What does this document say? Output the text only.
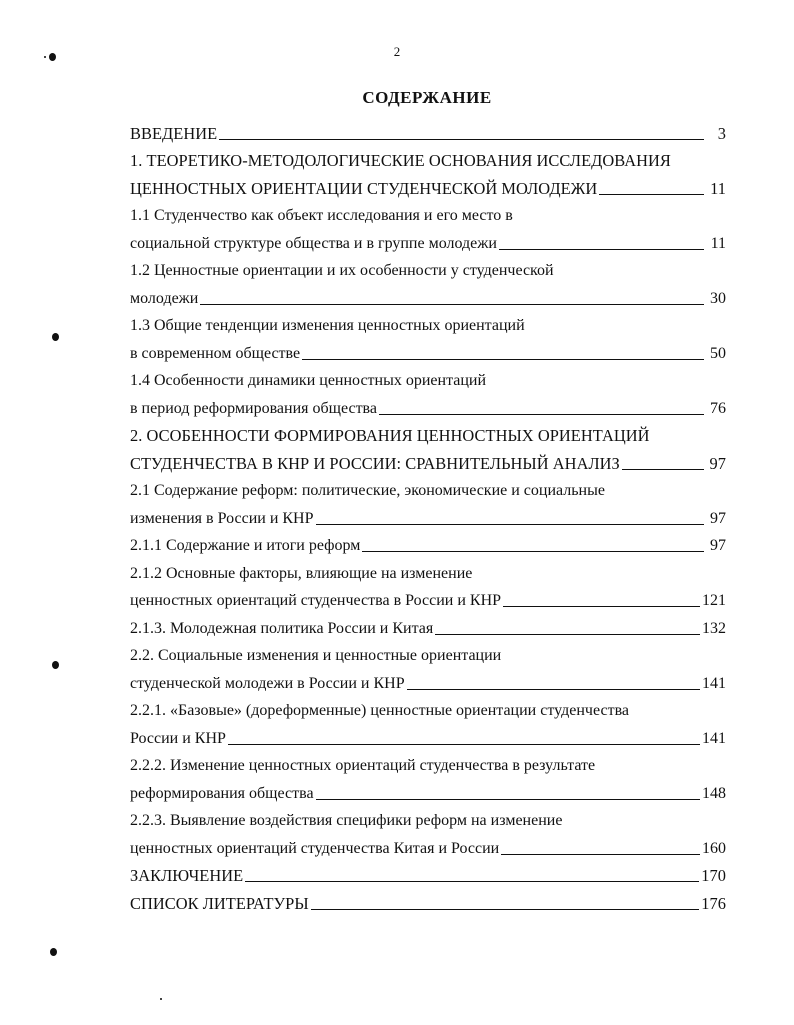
2
СОДЕРЖАНИЕ
ВВЕДЕНИЕ	3
1. ТЕОРЕТИКО-МЕТОДОЛОГИЧЕСКИЕ ОСНОВАНИЯ ИССЛЕДОВАНИЯ
ЦЕННОСТНЫХ ОРИЕНТАЦИИ СТУДЕНЧЕСКОЙ МОЛОДЕЖИ	11
1.1 Студенчество как объект исследования и его место в
социальной структуре общества и в группе молодежи	11
1.2 Ценностные ориентации и их особенности у студенческой
молодежи	30
1.3 Общие тенденции изменения ценностных ориентаций
в современном обществе	50
1.4 Особенности динамики ценностных ориентаций
в период реформирования общества	76
2. ОСОБЕННОСТИ ФОРМИРОВАНИЯ ЦЕННОСТНЫХ ОРИЕНТАЦИЙ
СТУДЕНЧЕСТВА В КНР И РОССИИ: СРАВНИТЕЛЬНЫЙ АНАЛИЗ	97
2.1 Содержание реформ: политические, экономические и социальные
изменения в России и КНР	97
2.1.1 Содержание и итоги реформ	97
2.1.2 Основные факторы, влияющие на изменение
ценностных ориентаций студенчества в России и КНР	121
2.1.3. Молодежная политика России и Китая	132
2.2. Социальные изменения и ценностные ориентации
студенческой молодежи в России и КНР	141
2.2.1. «Базовые» (дореформенные) ценностные ориентации студенчества
России и КНР	141
2.2.2. Изменение ценностных ориентаций студенчества в результате
реформирования общества	148
2.2.3. Выявление воздействия специфики реформ на изменение
ценностных ориентаций студенчества Китая и России	160
ЗАКЛЮЧЕНИЕ	170
СПИСОК ЛИТЕРАТУРЫ	176
